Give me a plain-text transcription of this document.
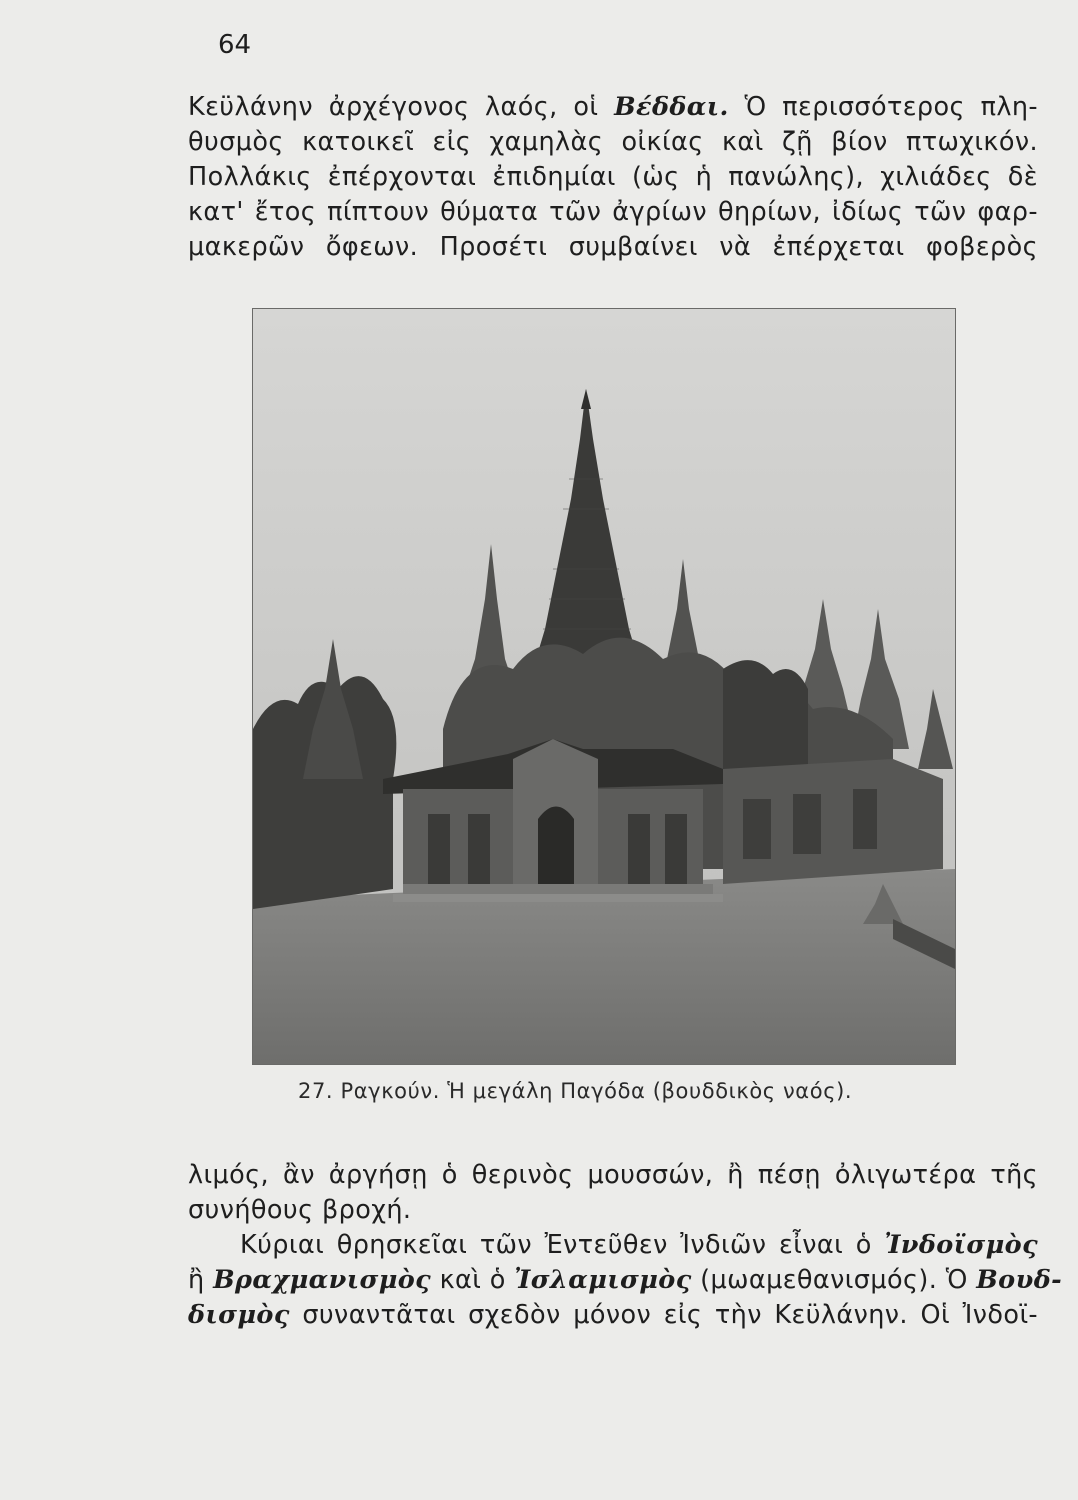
64
Κεϋλάνην ἀρχέγονος λαός, οἱ Βέδδαι. Ὁ περισσότερος πλη-
θυσμὸς κατοικεῖ εἰς χαμηλὰς οἰκίας καὶ ζῇ βίον πτωχικόν.
Πολλάκις ἐπέρχονται ἐπιδημίαι (ὡς ἡ πανώλης), χιλιάδες δὲ
κατ' ἔτος πίπτουν θύματα τῶν ἀγρίων θηρίων, ἰδίως τῶν φαρ-
μακερῶν ὄφεων. Προσέτι συμβαίνει νὰ ἐπέρχεται φοβερὸς
27. Ραγκούν. Ἡ μεγάλη Παγόδα (βουδδικὸς ναός).
λιμός, ἂν ἀργήσῃ ὁ θερινὸς μουσσών, ἢ πέσῃ ὀλιγωτέρα τῆς
συνήθους βροχή.
Κύριαι θρησκεῖαι τῶν Ἐντεῦθεν Ἰνδιῶν εἶναι ὁ Ἰνδοϊσμὸς
ἢ Βραχμανισμὸς καὶ ὁ Ἰσλαμισμὸς (μωαμεθανισμός). Ὁ Βουδ-
δισμὸς συναντᾶται σχεδὸν μόνον εἰς τὴν Κεϋλάνην. Οἱ Ἰνδοϊ-
